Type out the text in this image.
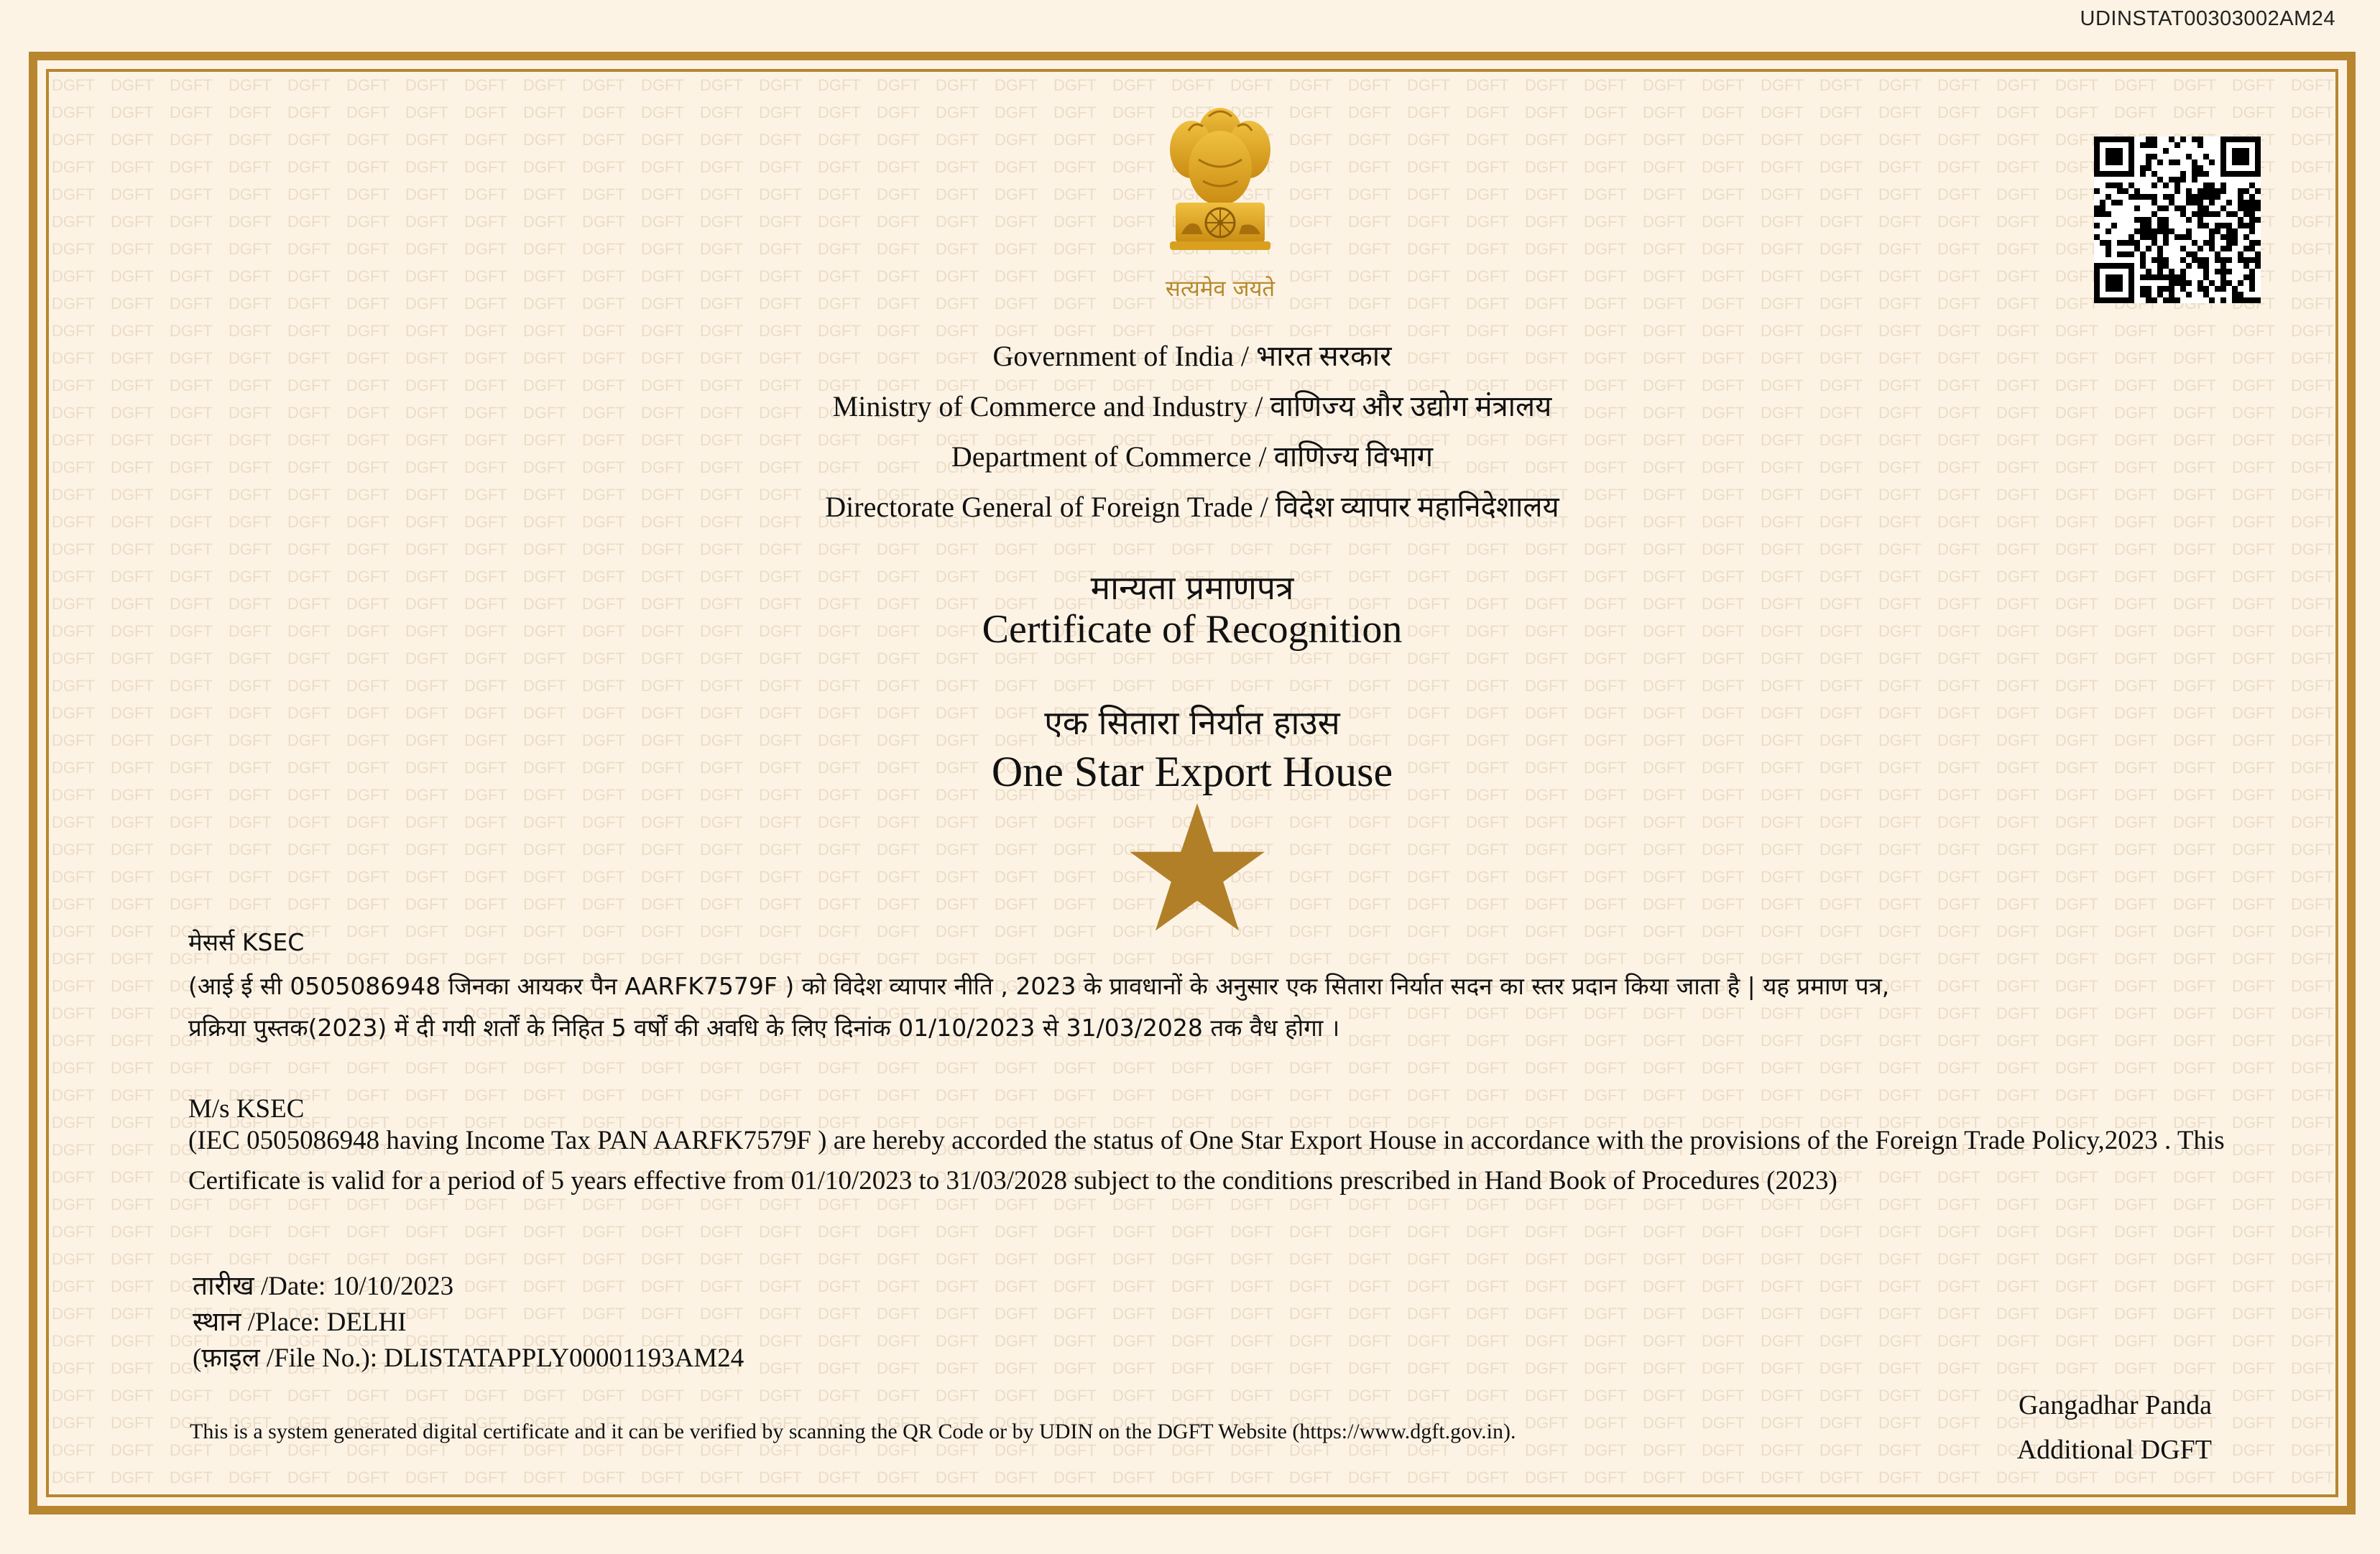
UDINSTAT00303002AM24
सत्यमेव जयते
Government of India / भारत सरकार
Ministry of Commerce and Industry / वाणिज्य और उद्योग मंत्रालय
Department of Commerce / वाणिज्य विभाग
Directorate General of Foreign Trade / विदेश व्यापार महानिदेशालय
मान्यता प्रमाणपत्र
Certificate of Recognition
एक सितारा निर्यात हाउस
One Star Export House
मेसर्स KSEC
(आई ई सी 0505086948 जिनका आयकर पैन AARFK7579F ) को विदेश व्यापार नीति , 2023 के प्रावधानों के अनुसार एक सितारा निर्यात सदन का स्तर प्रदान किया जाता है | यह प्रमाण पत्र,
प्रक्रिया पुस्तक(2023) में दी गयी शर्तों के निहित 5 वर्षों की अवधि के लिए दिनांक 01/10/2023 से 31/03/2028 तक वैध होगा ।
M/s KSEC
(IEC 0505086948 having Income Tax PAN AARFK7579F ) are hereby accorded the status of One Star Export House in accordance with the provisions of the Foreign Trade Policy,2023 . This Certificate is valid for a period of 5 years effective from 01/10/2023 to 31/03/2028 subject to the conditions prescribed in Hand Book of Procedures (2023)
तारीख /Date: 10/10/2023
स्थान /Place: DELHI
(फ़ाइल /File No.): DLISTATAPPLY00001193AM24
This is a system generated digital certificate and it can be verified by scanning the QR Code or by UDIN on the DGFT Website (https://www.dgft.gov.in).
Gangadhar Panda
Additional DGFT
